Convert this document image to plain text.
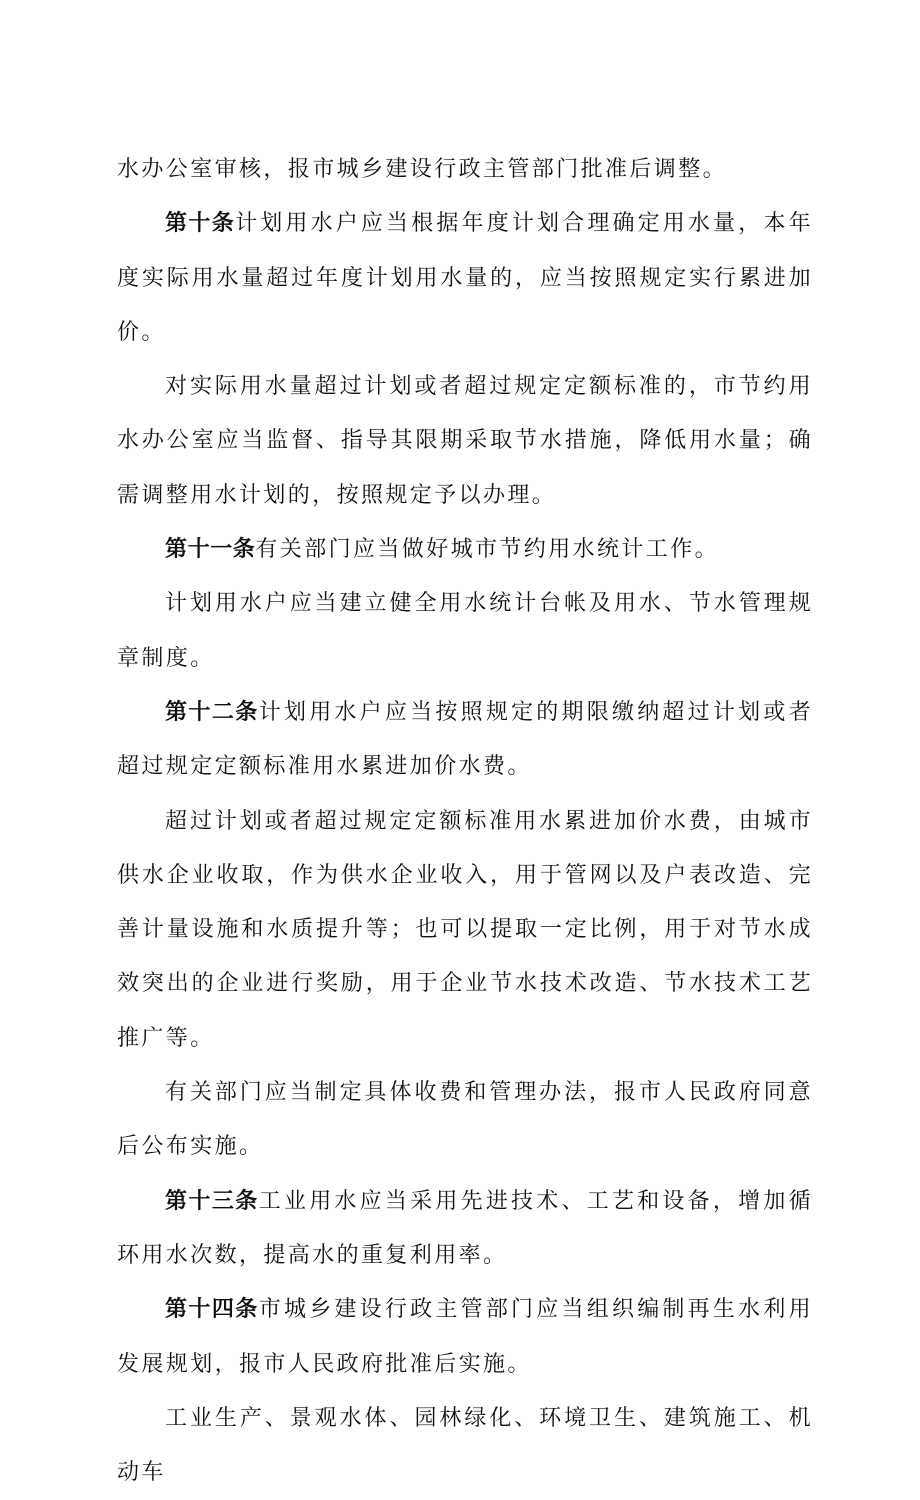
水办公室审核，报市城乡建设行政主管部门批准后调整。

第十条计划用水户应当根据年度计划合理确定用水量，本年度实际用水量超过年度计划用水量的，应当按照规定实行累进加价。

对实际用水量超过计划或者超过规定定额标准的，市节约用水办公室应当监督、指导其限期采取节水措施，降低用水量；确需调整用水计划的，按照规定予以办理。

第十一条有关部门应当做好城市节约用水统计工作。

计划用水户应当建立健全用水统计台帐及用水、节水管理规章制度。

第十二条计划用水户应当按照规定的期限缴纳超过计划或者超过规定定额标准用水累进加价水费。

超过计划或者超过规定定额标准用水累进加价水费，由城市供水企业收取，作为供水企业收入，用于管网以及户表改造、完善计量设施和水质提升等；也可以提取一定比例，用于对节水成效突出的企业进行奖励，用于企业节水技术改造、节水技术工艺推广等。

有关部门应当制定具体收费和管理办法，报市人民政府同意后公布实施。

第十三条工业用水应当采用先进技术、工艺和设备，增加循环用水次数，提高水的重复利用率。

第十四条市城乡建设行政主管部门应当组织编制再生水利用发展规划，报市人民政府批准后实施。

工业生产、景观水体、园林绿化、环境卫生、建筑施工、机动车
